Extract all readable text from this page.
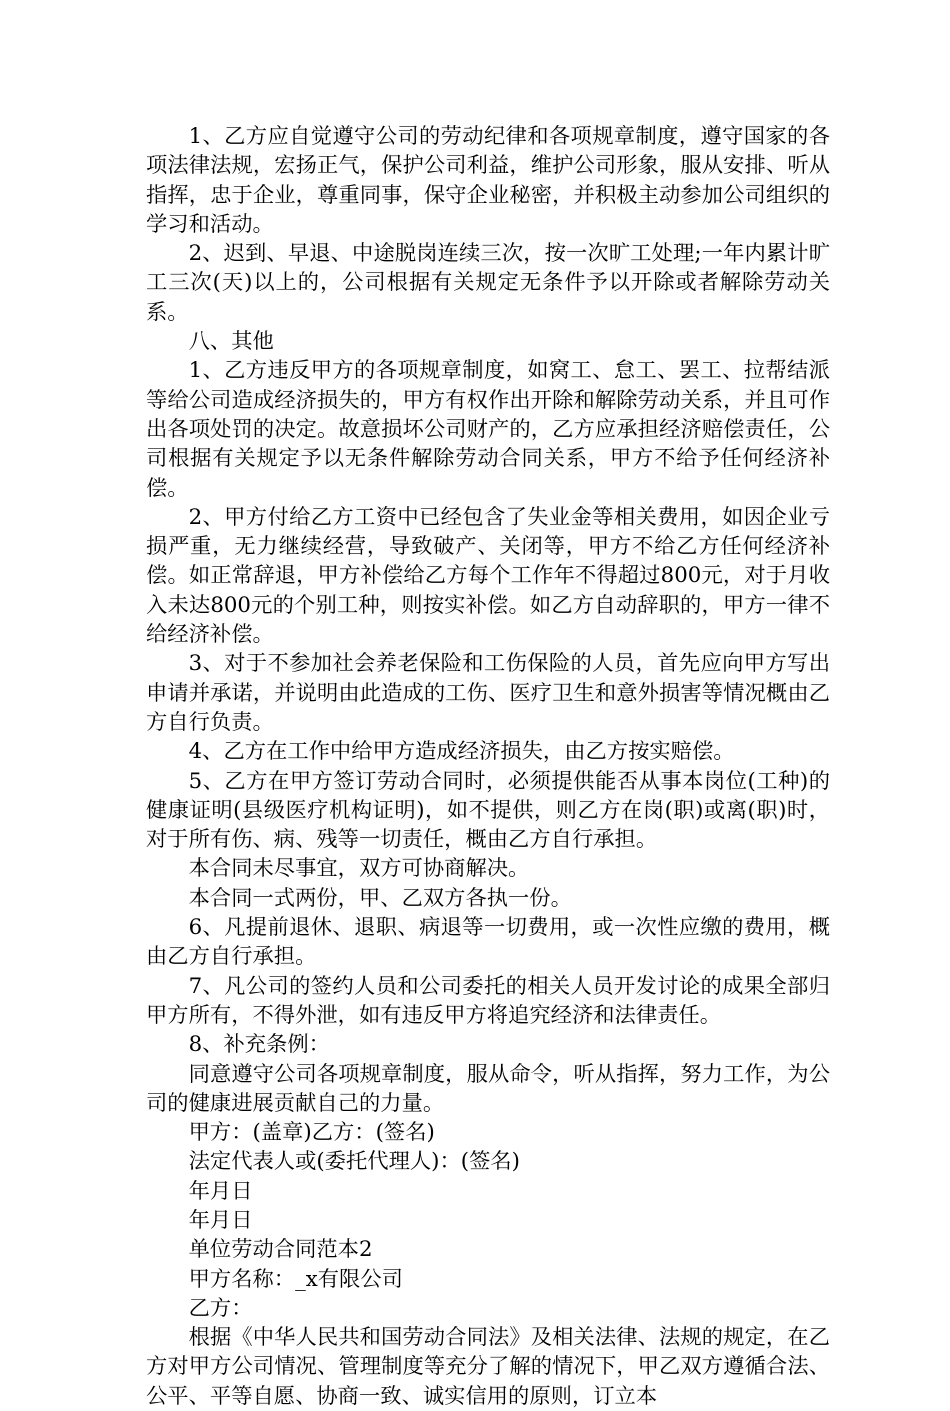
1、乙方应自觉遵守公司的劳动纪律和各项规章制度，遵守国家的各项法律法规，宏扬正气，保护公司利益，维护公司形象，服从安排、听从指挥，忠于企业，尊重同事，保守企业秘密，并积极主动参加公司组织的学习和活动。

2、迟到、早退、中途脱岗连续三次，按一次旷工处理;一年内累计旷工三次(天)以上的，公司根据有关规定无条件予以开除或者解除劳动关系。

八、其他

1、乙方违反甲方的各项规章制度，如窝工、怠工、罢工、拉帮结派等给公司造成经济损失的，甲方有权作出开除和解除劳动关系，并且可作出各项处罚的决定。故意损坏公司财产的，乙方应承担经济赔偿责任，公司根据有关规定予以无条件解除劳动合同关系，甲方不给予任何经济补偿。

2、甲方付给乙方工资中已经包含了失业金等相关费用，如因企业亏损严重，无力继续经营，导致破产、关闭等，甲方不给乙方任何经济补偿。如正常辞退，甲方补偿给乙方每个工作年不得超过800元，对于月收入未达800元的个别工种，则按实补偿。如乙方自动辞职的，甲方一律不给经济补偿。

3、对于不参加社会养老保险和工伤保险的人员，首先应向甲方写出申请并承诺，并说明由此造成的工伤、医疗卫生和意外损害等情况概由乙方自行负责。

4、乙方在工作中给甲方造成经济损失，由乙方按实赔偿。

5、乙方在甲方签订劳动合同时，必须提供能否从事本岗位(工种)的健康证明(县级医疗机构证明)，如不提供，则乙方在岗(职)或离(职)时，对于所有伤、病、残等一切责任，概由乙方自行承担。

本合同未尽事宜，双方可协商解决。

本合同一式两份，甲、乙双方各执一份。

6、凡提前退休、退职、病退等一切费用，或一次性应缴的费用，概由乙方自行承担。

7、凡公司的签约人员和公司委托的相关人员开发讨论的成果全部归甲方所有，不得外泄，如有违反甲方将追究经济和法律责任。

8、补充条例：

同意遵守公司各项规章制度，服从命令，听从指挥，努力工作，为公司的健康进展贡献自己的力量。

甲方：(盖章)乙方：(签名)

法定代表人或(委托代理人)：(签名)

年月日

年月日

单位劳动合同范本2

甲方名称：_x有限公司

乙方：

根据《中华人民共和国劳动合同法》及相关法律、法规的规定，在乙方对甲方公司情况、管理制度等充分了解的情况下，甲乙双方遵循合法、公平、平等自愿、协商一致、诚实信用的原则，订立本
